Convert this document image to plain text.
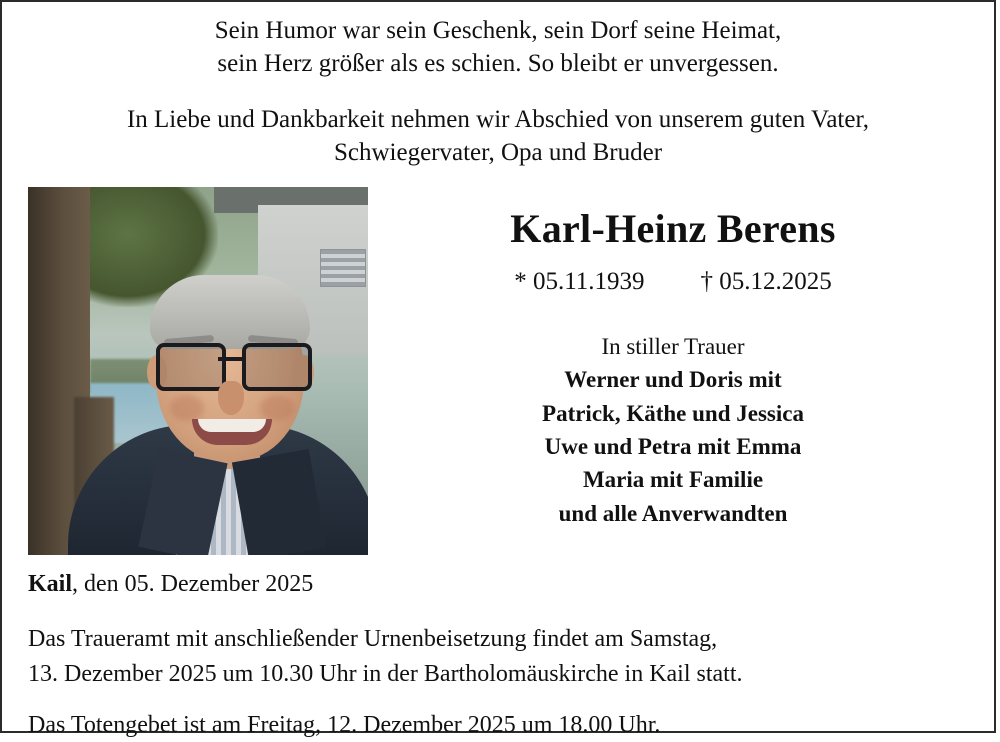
Sein Humor war sein Geschenk, sein Dorf seine Heimat,
sein Herz größer als es schien. So bleibt er unvergessen.
In Liebe und Dankbarkeit nehmen wir Abschied von unserem guten Vater,
Schwiegervater, Opa und Bruder
Karl-Heinz Berens
* 05.11.1939 † 05.12.2025
In stiller Trauer
Werner und Doris mit
Patrick, Käthe und Jessica
Uwe und Petra mit Emma
Maria mit Familie
und alle Anverwandten
Kail, den 05. Dezember 2025
Das Traueramt mit anschließender Urnenbeisetzung findet am Samstag,
13. Dezember 2025 um 10.30 Uhr in der Bartholomäuskirche in Kail statt.
Das Totengebet ist am Freitag, 12. Dezember 2025 um 18.00 Uhr.
